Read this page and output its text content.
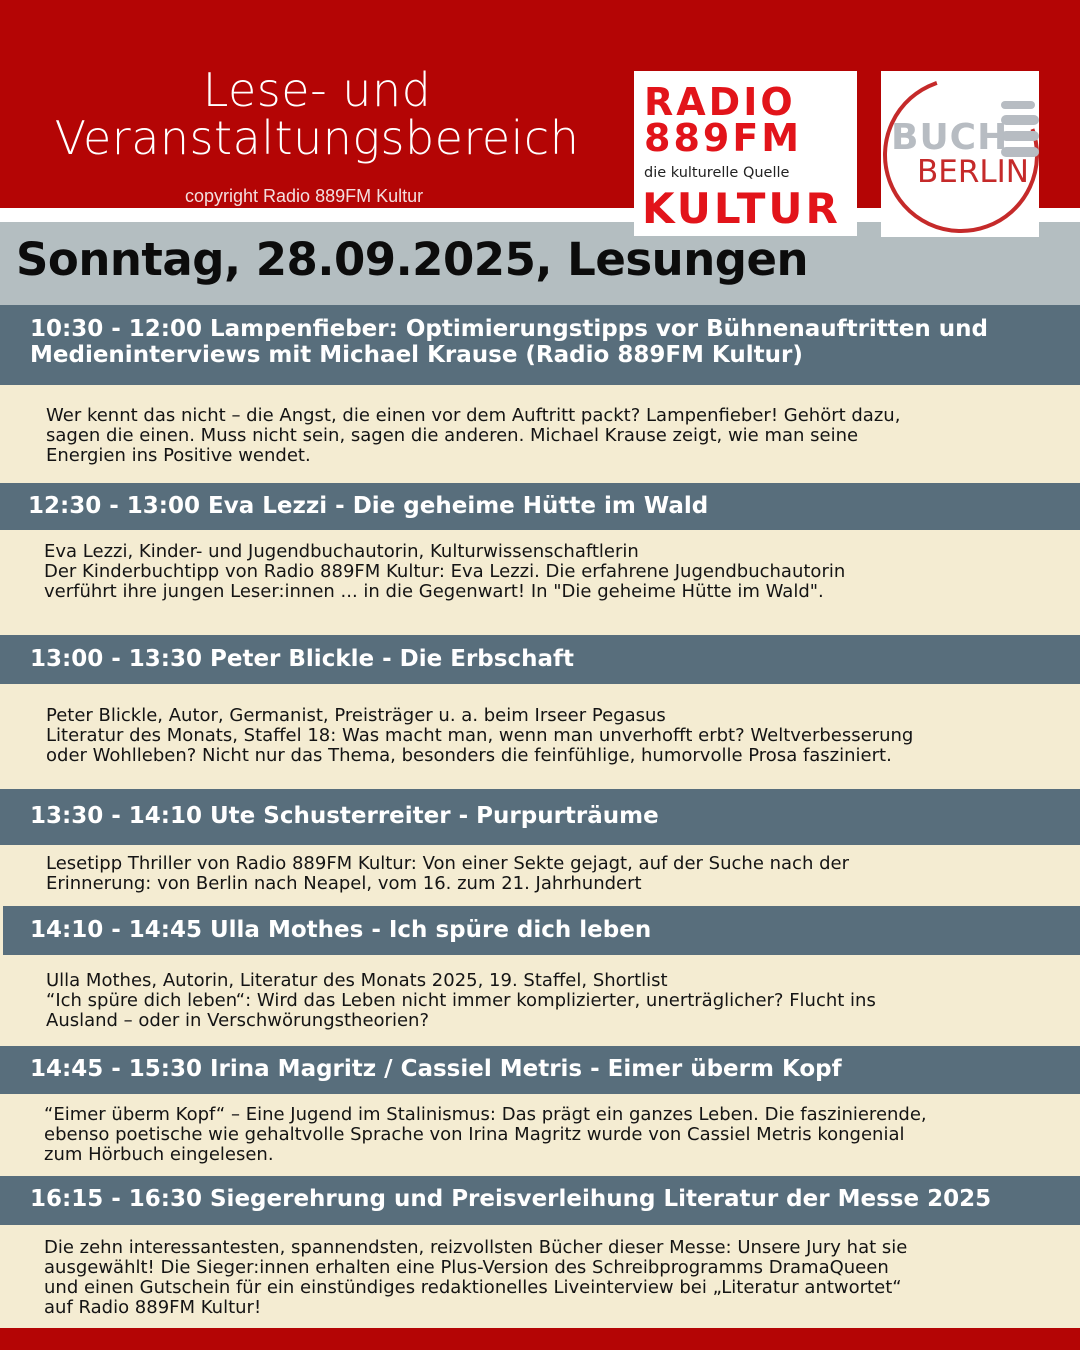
Lese- und
Veranstaltungsbereich
copyright Radio 889FM Kultur
RADIO
889FM
die kulturelle Quelle
KULTUR
BUCH
BERLIN
Sonntag, 28.09.2025, Lesungen
10:30 - 12:00 Lampenfieber: Optimierungstipps vor Bühnenauftritten und
Medieninterviews mit Michael Krause (Radio 889FM Kultur)
Wer kennt das nicht – die Angst, die einen vor dem Auftritt packt? Lampenfieber! Gehört dazu,
sagen die einen. Muss nicht sein, sagen die anderen. Michael Krause zeigt, wie man seine
Energien ins Positive wendet.
12:30 - 13:00 Eva Lezzi - Die geheime Hütte im Wald
Eva Lezzi, Kinder- und Jugendbuchautorin, Kulturwissenschaftlerin
Der Kinderbuchtipp von Radio 889FM Kultur: Eva Lezzi. Die erfahrene Jugendbuchautorin
verführt ihre jungen Leser:innen ... in die Gegenwart! In "Die geheime Hütte im Wald".
13:00 - 13:30 Peter Blickle - Die Erbschaft
Peter Blickle, Autor, Germanist, Preisträger u. a. beim Irseer Pegasus
Literatur des Monats, Staffel 18: Was macht man, wenn man unverhofft erbt? Weltverbesserung
oder Wohlleben? Nicht nur das Thema, besonders die feinfühlige, humorvolle Prosa fasziniert.
13:30 - 14:10 Ute Schusterreiter - Purpurträume
Lesetipp Thriller von Radio 889FM Kultur: Von einer Sekte gejagt, auf der Suche nach der
Erinnerung: von Berlin nach Neapel, vom 16. zum 21. Jahrhundert
14:10 - 14:45 Ulla Mothes - Ich spüre dich leben
Ulla Mothes, Autorin, Literatur des Monats 2025, 19. Staffel, Shortlist
“Ich spüre dich leben“: Wird das Leben nicht immer komplizierter, unerträglicher? Flucht ins
Ausland – oder in Verschwörungstheorien?
14:45 - 15:30 Irina Magritz / Cassiel Metris - Eimer überm Kopf
“Eimer überm Kopf“ – Eine Jugend im Stalinismus: Das prägt ein ganzes Leben. Die faszinierende,
ebenso poetische wie gehaltvolle Sprache von Irina Magritz wurde von Cassiel Metris kongenial
zum Hörbuch eingelesen.
16:15 - 16:30 Siegerehrung und Preisverleihung Literatur der Messe 2025
Die zehn interessantesten, spannendsten, reizvollsten Bücher dieser Messe: Unsere Jury hat sie
ausgewählt! Die Sieger:innen erhalten eine Plus-Version des Schreibprogramms DramaQueen
und einen Gutschein für ein einstündiges redaktionelles Liveinterview bei „Literatur antwortet“
auf Radio 889FM Kultur!
